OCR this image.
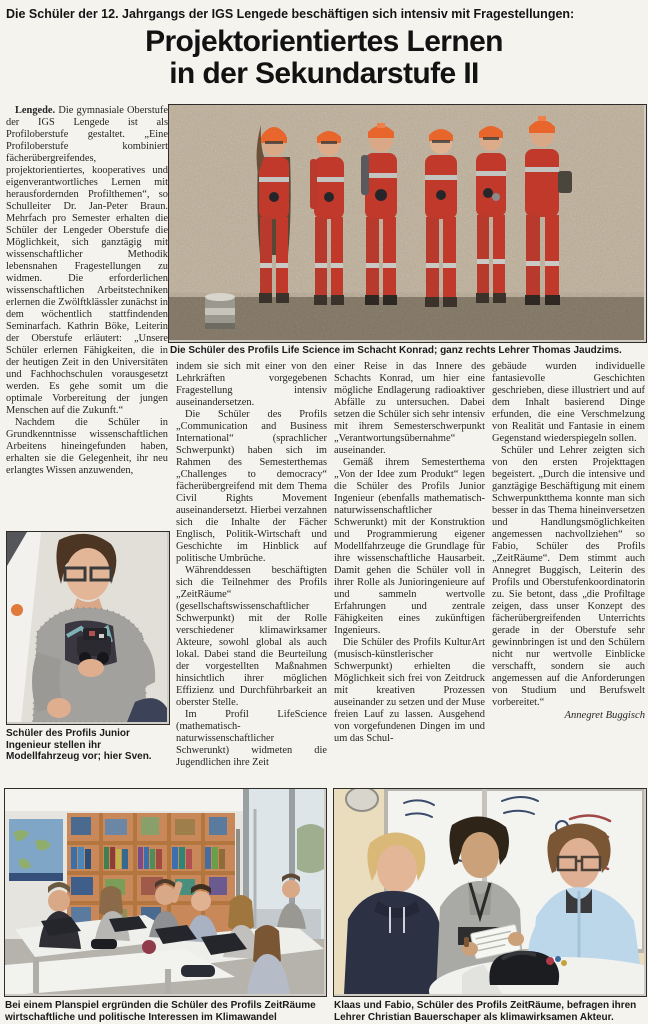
Die Schüler der 12. Jahrgangs der IGS Lengede beschäftigen sich intensiv mit Fragestellungen:
Projektorientiertes Lernen
in der Sekundarstufe II

Lengede. Die gymnasiale Oberstufe der IGS Lengede ist als Profiloberstufe gestaltet. „Eine Profiloberstufe kombiniert fächerübergreifendes, projektorientiertes, kooperatives und eigenverantwortliches Lernen mit herausfordernden Profilthemen“, so Schulleiter Dr. Jan-Peter Braun. Mehrfach pro Semester erhalten die Schüler der Lengeder Oberstufe die Möglichkeit, sich ganztägig mit wissenschaftlicher Methodik lebensnahen Fragestellungen zu widmen. Die erforderlichen wissenschaftlichen Arbeitstechniken erlernen die Zwölftklässler zunächst in dem wöchentlich stattfindenden Seminarfach. Kathrin Böke, Leiterin der Oberstufe erläutert: „Unsere Schüler erlernen Fähigkeiten, die in der heutigen Zeit in den Universitäten und Fachhochschulen vorausgesetzt werden. Es gehe somit um die optimale Vorbereitung der jungen Menschen auf die Zukunft.“

Nachdem die Schüler in Grundkenntnisse wissenschaftlichen Arbeitens hineingefunden haben, erhalten sie die Gelegenheit, ihr neu erlangtes Wissen anzuwenden,

Die Schüler des Profils Life Science im Schacht Konrad; ganz rechts Lehrer Thomas Jaudzims.

indem sie sich mit einer von den Lehrkräften vorgegebenen Fragestellung intensiv auseinandersetzen.

Die Schüler des Profils „Communication and Business International“ (sprachlicher Schwerpunkt) haben sich im Rahmen des Semesterthemas „Challenges to democracy“ fächerübergreifend mit dem Thema Civil Rights Movement auseinandersetzt. Hierbei verzahnen sich die Inhalte der Fächer Englisch, Politik-Wirtschaft und Geschichte im Hinblick auf politische Umbrüche.

Währenddessen beschäftigten sich die Teilnehmer des Profils „ZeitRäume“ (gesellschaftswissenschaftlicher Schwerpunkt) mit der Rolle verschiedener klimawirksamer Akteure, sowohl global als auch lokal. Dabei stand die Beurteilung der vorgestellten Maßnahmen hinsichtlich ihrer möglichen Effizienz und Durchführbarkeit an oberster Stelle.

Im Profil LifeScience (mathematisch-naturwissenschaftlicher Schwerunkt) widmeten die Jugendlichen ihre Zeit

einer Reise in das Innere des Schachts Konrad, um hier eine mögliche Endlagerung radioaktiver Abfälle zu untersuchen. Dabei setzen die Schüler sich sehr intensiv mit ihrem Semesterschwerpunkt „Verantwortungsübernahme“ auseinander.

Gemäß ihrem Semesterthema „Von der Idee zum Produkt“ legen die Schüler des Profils Junior Ingenieur (ebenfalls mathematisch-naturwissenschaftlicher Schwerunkt) mit der Konstruktion und Programmierung eigener Modellfahrzeuge die Grundlage für ihre wissenschaftliche Hausarbeit. Damit gehen die Schüler voll in ihrer Rolle als Junioringenieure auf und sammeln wertvolle Erfahrungen und zentrale Fähigkeiten eines zukünftigen Ingenieurs.

Die Schüler des Profils KulturArt (musisch-künstlerischer Schwerpunkt) erhielten die Möglichkeit sich frei von Zeitdruck mit kreativen Prozessen auseinander zu setzen und der Muse freien Lauf zu lassen. Ausgehend von vorgefundenen Dingen im und um das Schul-

gebäude wurden individuelle fantasievolle Geschichten geschrieben, diese illustriert und auf dem Inhalt basierend Dinge erfunden, die eine Verschmelzung von Realität und Fantasie in einem Gegenstand wiederspiegeln sollen.

Schüler und Lehrer zeigten sich von den ersten Projekttagen begeistert. „Durch die intensive und ganztägige Beschäftigung mit einem Schwerpunktthema konnte man sich besser in das Thema hineinversetzen und Handlungsmöglichkeiten angemessen nachvollziehen“ so Fabio, Schüler des Profils „ZeitRäume“. Dem stimmt auch Annegret Buggisch, Leiterin des Profils und Oberstufenkoordinatorin zu. Sie betont, dass „die Profiltage zeigen, dass unser Konzept des fächerübergreifenden Unterrichts gerade in der Oberstufe sehr gewinnbringen ist und den Schülern nicht nur wertvolle Einblicke verschafft, sondern sie auch angemessen auf die Anforderungen von Studium und Berufswelt vorbereitet.“

Annegret Buggisch
Schüler des Profils Junior Ingenieur stellen ihr Modellfahrzeug vor; hier Sven.
Bei einem Planspiel ergründen die Schüler des Profils ZeitRäume wirtschaftliche und politische Interessen im Klimawandel
Klaas und Fabio, Schüler des Profils ZeitRäume, befragen ihren Lehrer Christian Bauerschaper als klimawirksamen Akteur.
